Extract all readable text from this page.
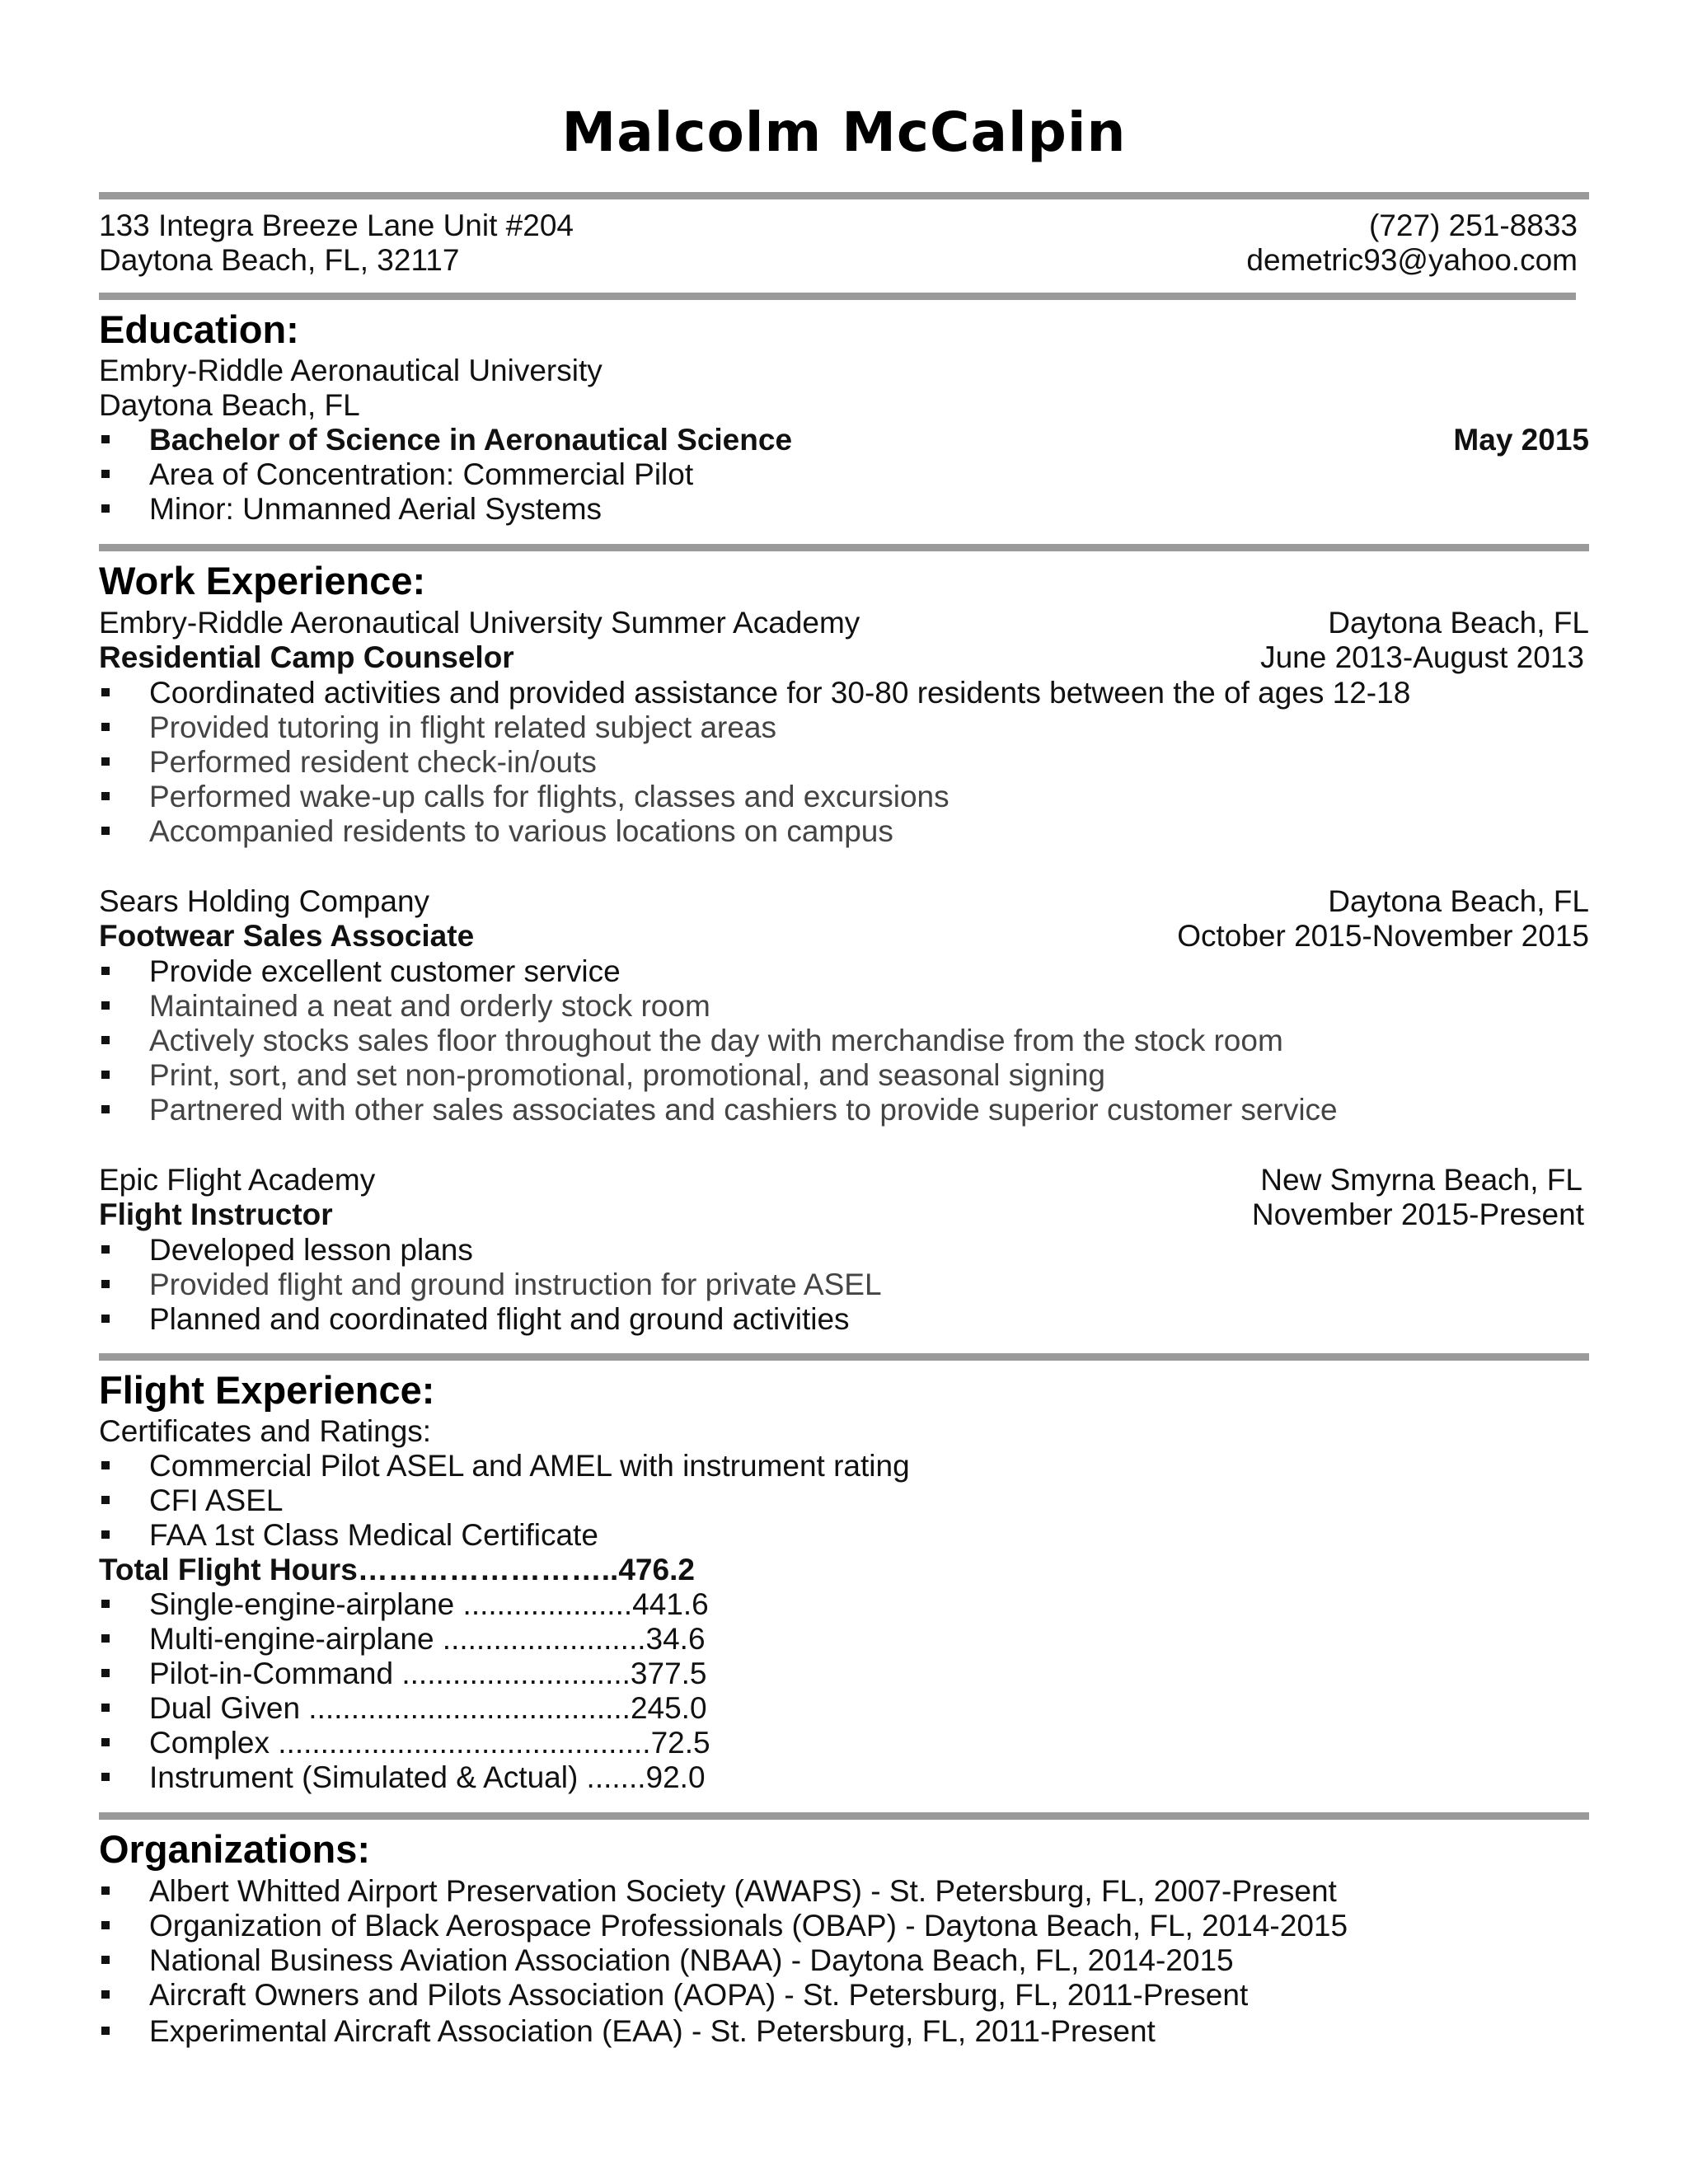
Malcolm McCalpin
133 Integra Breeze Lane Unit #204	(727) 251-8833
Daytona Beach, FL, 32117	demetric93@yahoo.com
Education:
Embry-Riddle Aeronautical University
Daytona Beach, FL
Bachelor of Science in Aeronautical Science	May 2015
Area of Concentration: Commercial Pilot
Minor: Unmanned Aerial Systems
Work Experience:
Embry-Riddle Aeronautical University Summer Academy	Daytona Beach, FL
Residential Camp Counselor	June 2013-August 2013
Coordinated activities and provided assistance for 30-80 residents between the of ages 12-18
Provided tutoring in flight related subject areas
Performed resident check-in/outs
Performed wake-up calls for flights, classes and excursions
Accompanied residents to various locations on campus
Sears Holding Company	Daytona Beach, FL
Footwear Sales Associate	October 2015-November 2015
Provide excellent customer service
Maintained a neat and orderly stock room
Actively stocks sales floor throughout the day with merchandise from the stock room
Print, sort, and set non-promotional, promotional, and seasonal signing
Partnered with other sales associates and cashiers to provide superior customer service
Epic Flight Academy	New Smyrna Beach, FL
Flight Instructor	November 2015-Present
Developed lesson plans
Provided flight and ground instruction for private ASEL
Planned and coordinated flight and ground activities
Flight Experience:
Certificates and Ratings:
Commercial Pilot ASEL and AMEL with instrument rating
CFI ASEL
FAA 1st Class Medical Certificate
Total Flight Hours……………………..476.2
Single-engine-airplane ....................441.6
Multi-engine-airplane ........................34.6
Pilot-in-Command ...........................377.5
Dual Given ......................................245.0
Complex ............................................72.5
Instrument (Simulated & Actual) .......92.0
Organizations:
Albert Whitted Airport Preservation Society (AWAPS) - St. Petersburg, FL, 2007-Present
Organization of Black Aerospace Professionals (OBAP) - Daytona Beach, FL, 2014-2015
National Business Aviation Association (NBAA) - Daytona Beach, FL, 2014-2015
Aircraft Owners and Pilots Association (AOPA) - St. Petersburg, FL, 2011-Present
Experimental Aircraft Association (EAA) - St. Petersburg, FL, 2011-Present
